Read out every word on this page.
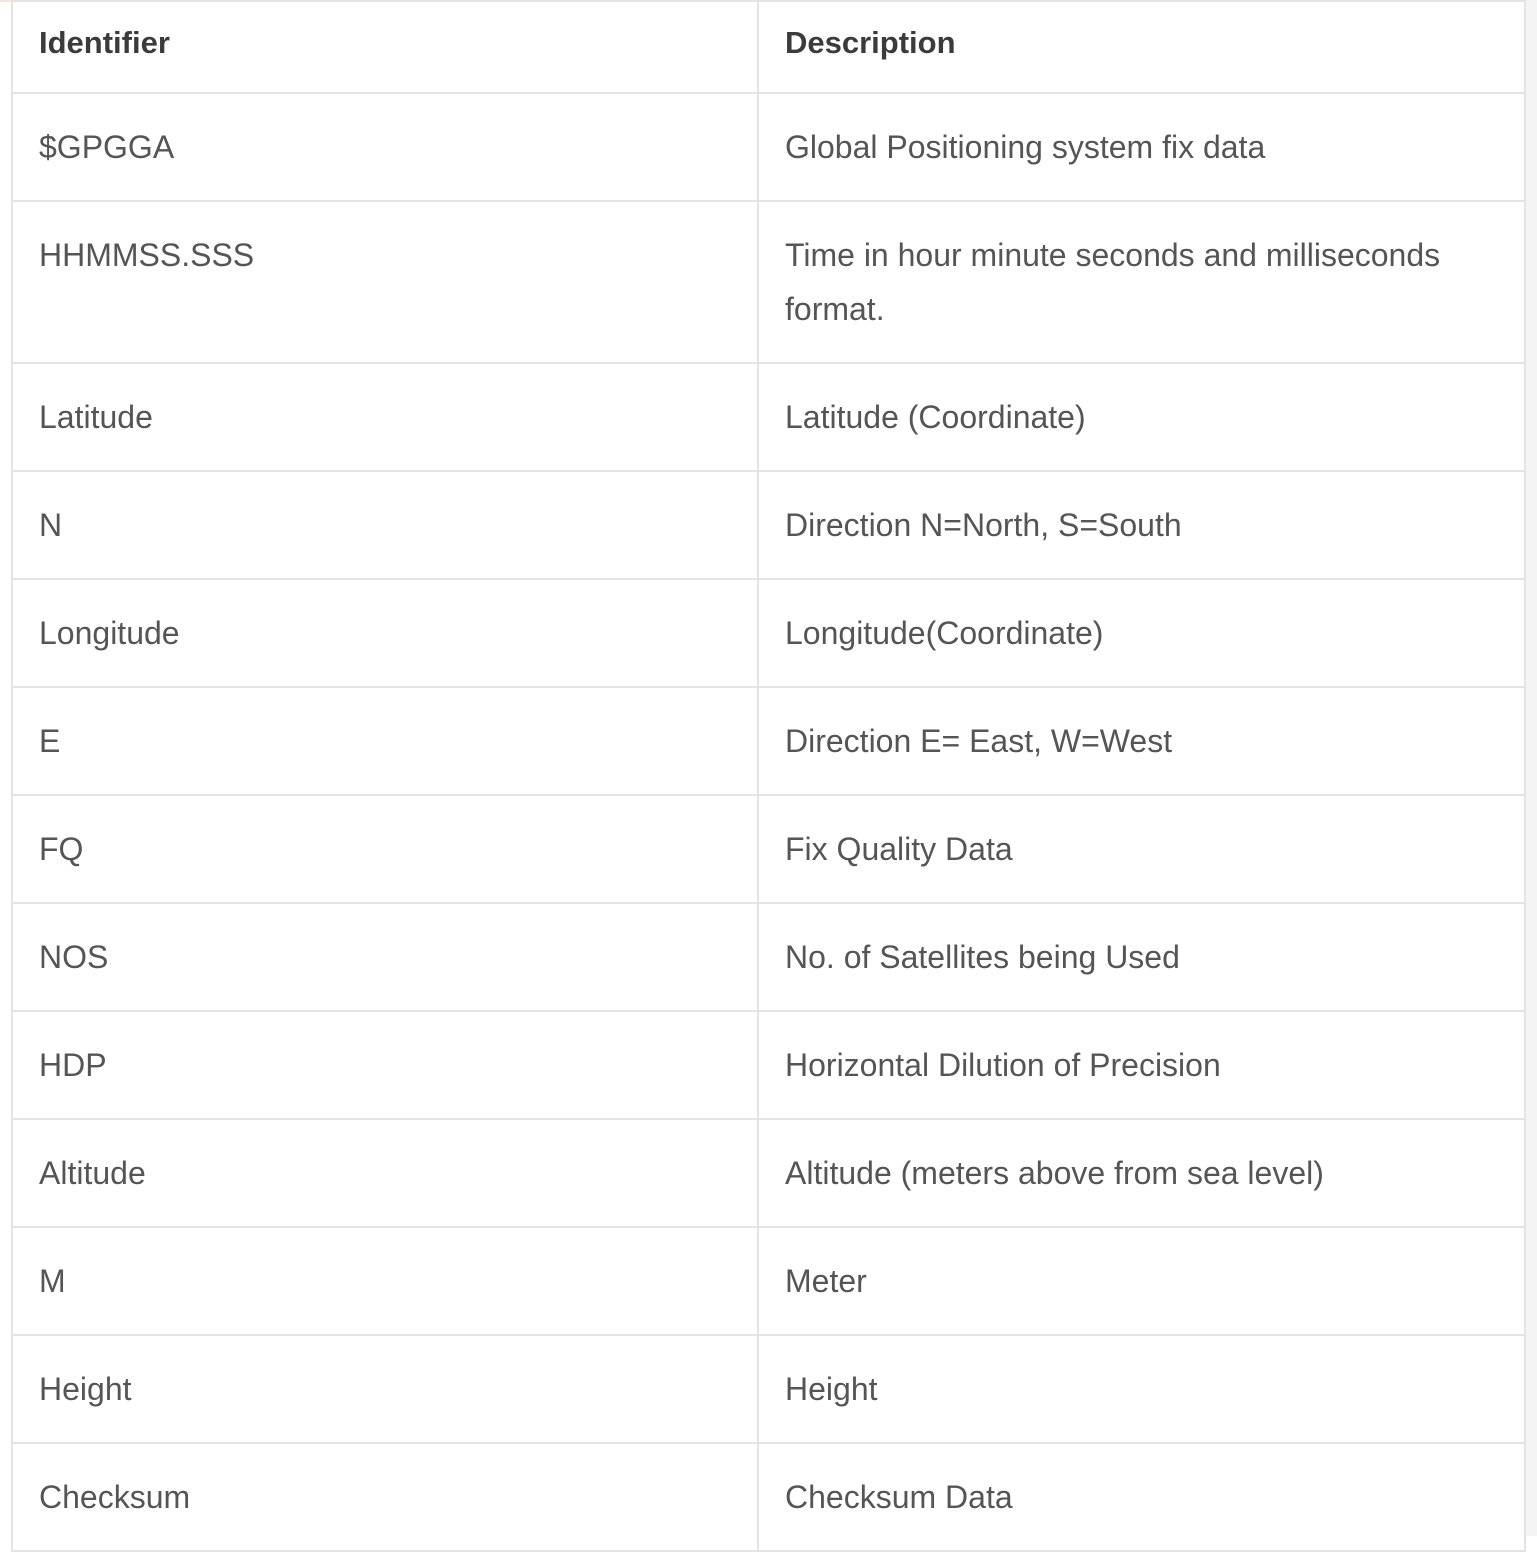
Identifier	Description
$GPGGA	Global Positioning system fix data
HHMMSS.SSS	Time in hour minute seconds and milliseconds format.
Latitude	Latitude (Coordinate)
N	Direction N=North, S=South
Longitude	Longitude(Coordinate)
E	Direction E= East, W=West
FQ	Fix Quality Data
NOS	No. of Satellites being Used
HDP	Horizontal Dilution of Precision
Altitude	Altitude (meters above from sea level)
M	Meter
Height	Height
Checksum	Checksum Data
